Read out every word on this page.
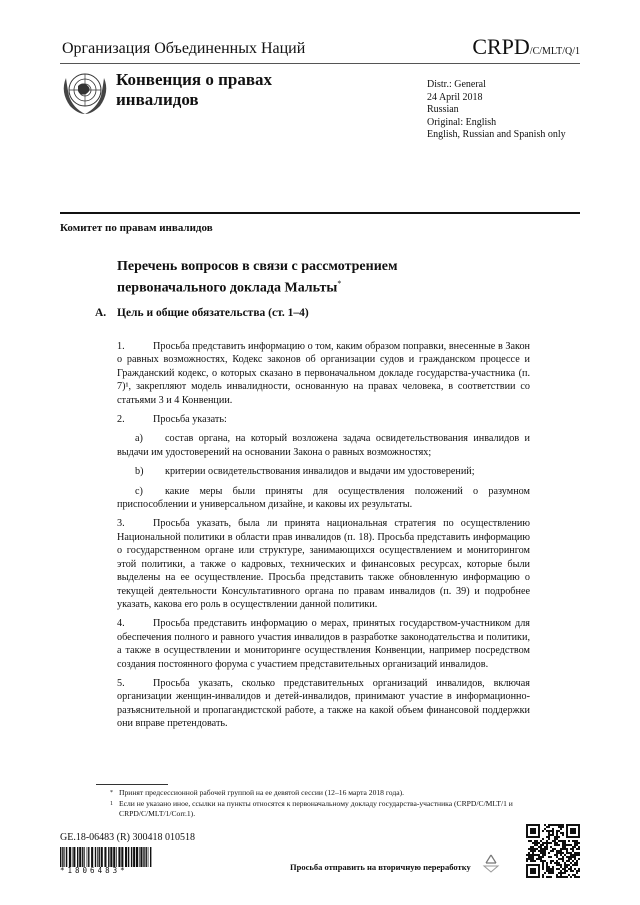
Организация Объединенных Наций	CRPD/C/MLT/Q/1
Конвенция о правах инвалидов
Distr.: General
24 April 2018
Russian
Original: English
English, Russian and Spanish only
Комитет по правам инвалидов
Перечень вопросов в связи с рассмотрением первоначального доклада Мальты*
A. Цель и общие обязательства (ст. 1–4)

1.	Просьба представить информацию о том, каким образом поправки, внесенные в Закон о равных возможностях, Кодекс законов об организации судов и гражданском процессе и Гражданский кодекс, о которых сказано в первоначальном докладе государства-участника (п. 7)¹, закрепляют модель инвалидности, основанную на правах человека, в соответствии со статьями 3 и 4 Конвенции.

2.	Просьба указать:

a) состав органа, на который возложена задача освидетельствования инвалидов и выдачи им удостоверений на основании Закона о равных возможностях;

b) критерии освидетельствования инвалидов и выдачи им удостоверений;

c) какие меры были приняты для осуществления положений о разумном приспособлении и универсальном дизайне, и каковы их результаты.

3.	Просьба указать, была ли принята национальная стратегия по осуществлению Национальной политики в области прав инвалидов (п. 18). Просьба представить информацию о государственном органе или структуре, занимающихся осуществлением и мониторингом этой политики, а также о кадровых, технических и финансовых ресурсах, которые были выделены на ее осуществление. Просьба представить также обновленную информацию о текущей деятельности Консультативного органа по правам инвалидов (п. 39) и подробнее указать, какова его роль в осуществлении данной политики.

4.	Просьба представить информацию о мерах, принятых государством-участником для обеспечения полного и равного участия инвалидов в разработке законодательства и политики, а также в осуществлении и мониторинге осуществления Конвенции, например посредством создания постоянного форума с участием представительных организаций инвалидов.

5.	Просьба указать, сколько представительных организаций инвалидов, включая организации женщин-инвалидов и детей-инвалидов, принимают участие в информационно-разъяснительной и пропагандистской работе, а также на какой объем финансовой поддержки они вправе претендовать.

* Принят предсессионной рабочей группой на ее девятой сессии (12–16 марта 2018 года).
$^1$ Если не указано иное, ссылки на пункты относятся к первоначальному докладу государства-участника (CRPD/C/MLT/1 и CRPD/C/MLT/1/Corr.1).
GE.18-06483 (R) 300418 010518
*1806483*	Просьба отправить на вторичную переработку
